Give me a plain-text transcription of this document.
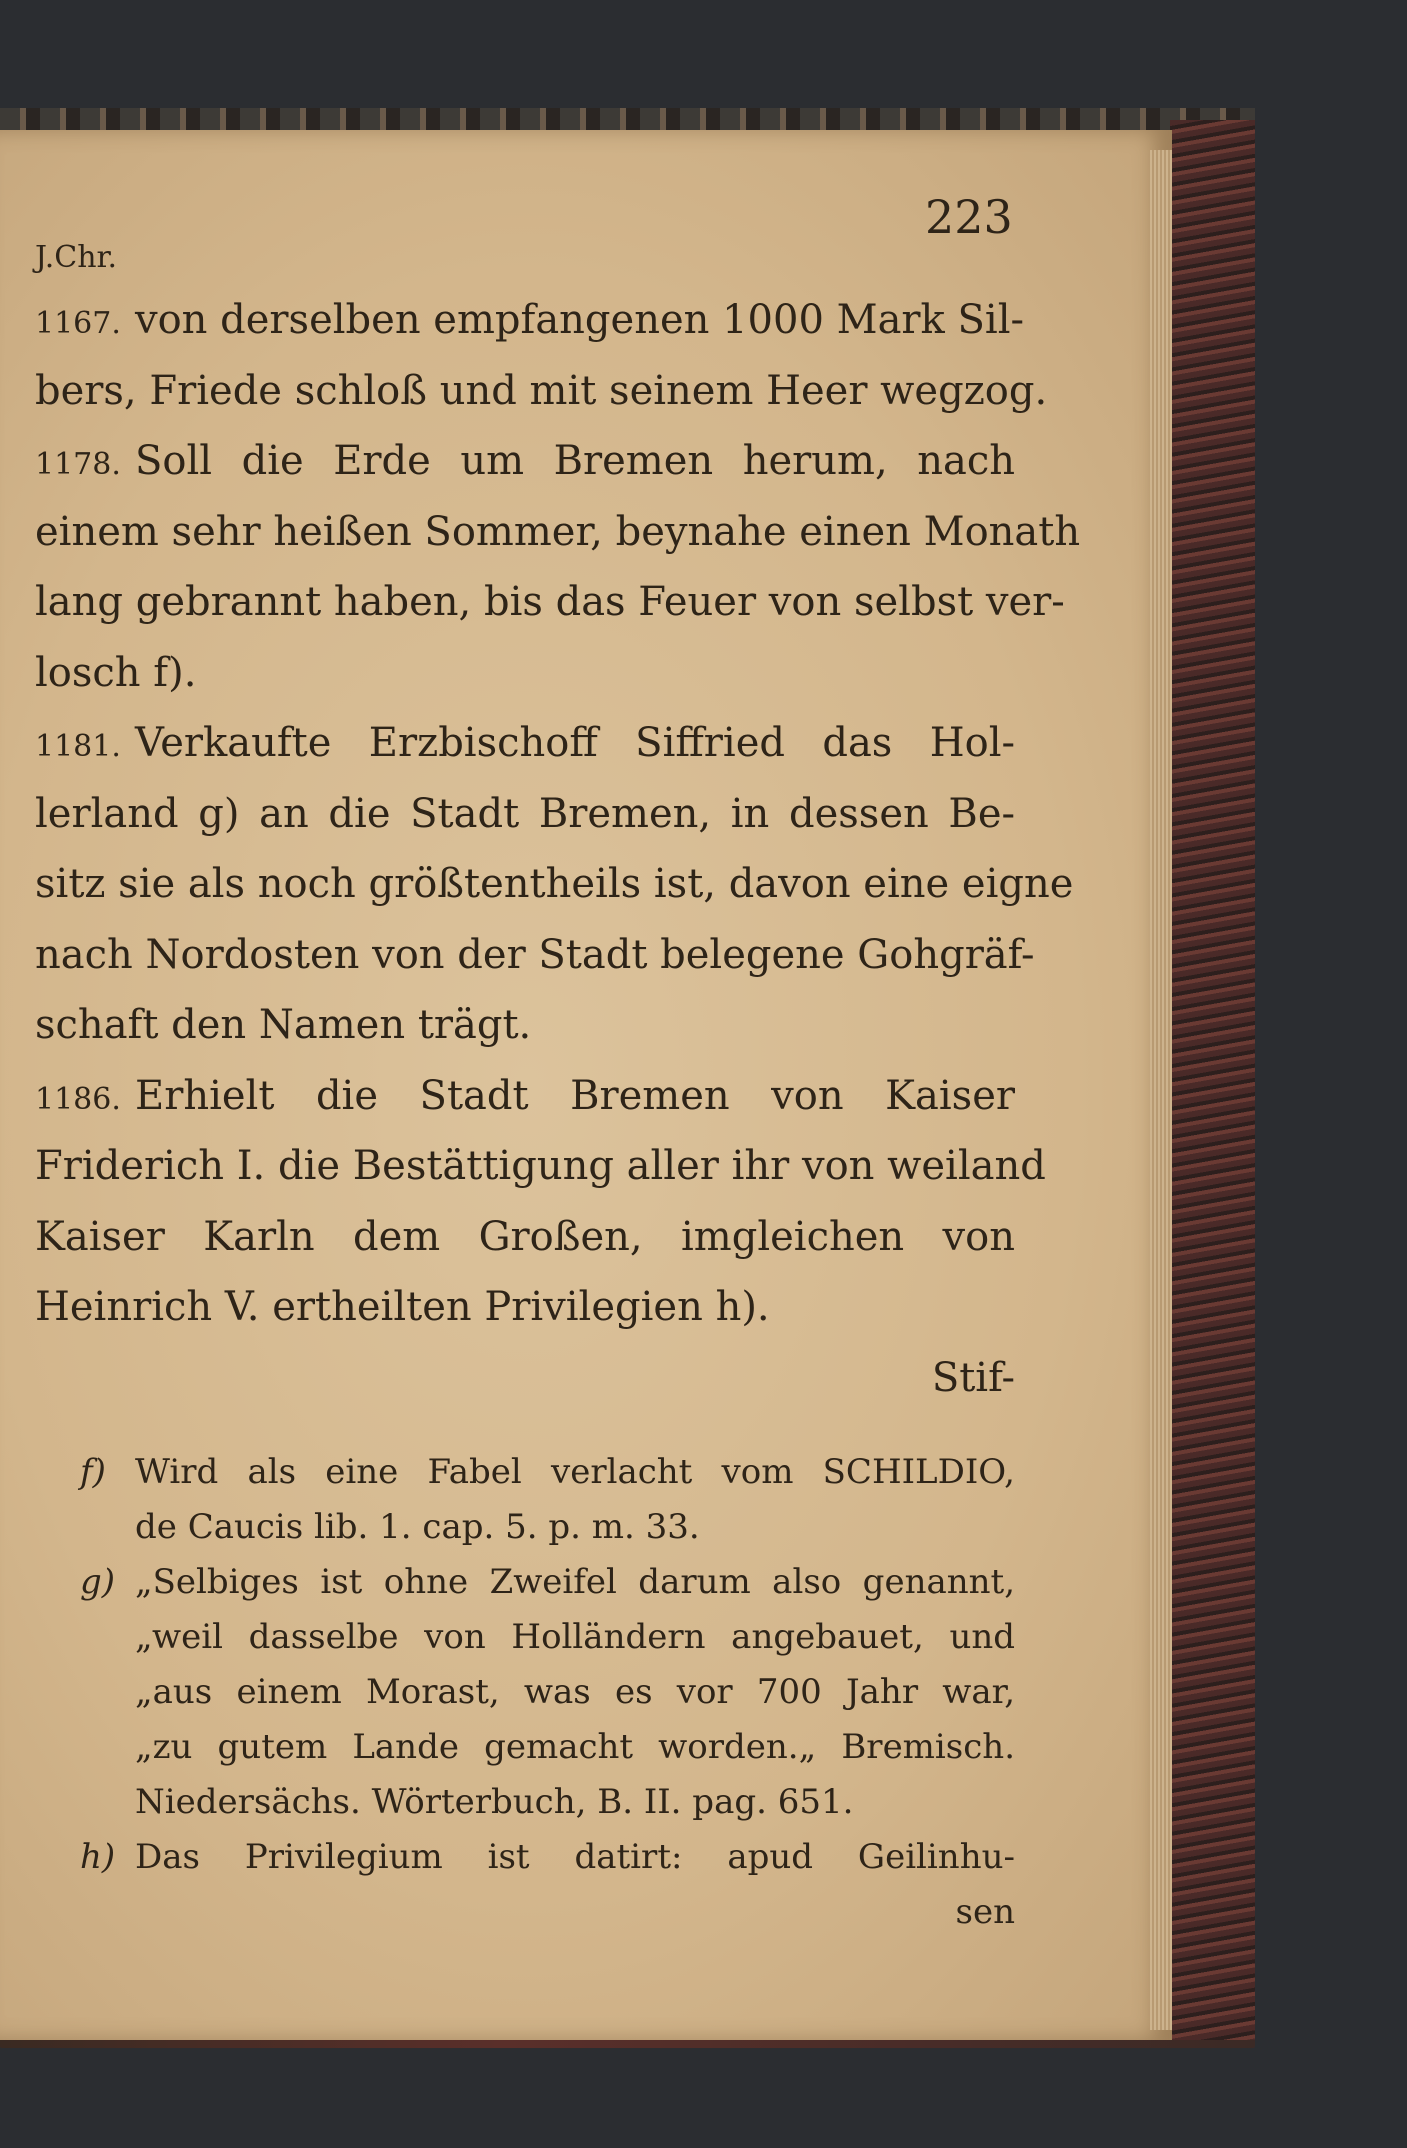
223
J.Chr.
1167. von derselben empfangenen 1000 Mark Sil-
bers, Friede schloß und mit seinem Heer wegzog.
1178. Soll die Erde um Bremen herum, nach
einem sehr heißen Sommer, beynahe einen Monath
lang gebrannt haben, bis das Feuer von selbst ver-
losch f).
1181. Verkaufte Erzbischoff Siffried das Hol-
lerland g) an die Stadt Bremen, in dessen Be-
sitz sie als noch größtentheils ist, davon eine eigne
nach Nordosten von der Stadt belegene Gohgräf-
schaft den Namen trägt.
1186. Erhielt die Stadt Bremen von Kaiser
Friderich I. die Bestättigung aller ihr von weiland
Kaiser Karln dem Großen, imgleichen von
Heinrich V. ertheilten Privilegien h).
Stif-
f) Wird als eine Fabel verlacht vom SCHILDIO,
de Caucis lib. 1. cap. 5. p. m. 33.
g) „Selbiges ist ohne Zweifel darum also genannt,
„weil dasselbe von Holländern angebauet, und
„aus einem Morast, was es vor 700 Jahr war,
„zu gutem Lande gemacht worden.„ Bremisch.
Niedersächs. Wörterbuch, B. II. pag. 651.
h) Das Privilegium ist datirt: apud Geilinhu-
sen
